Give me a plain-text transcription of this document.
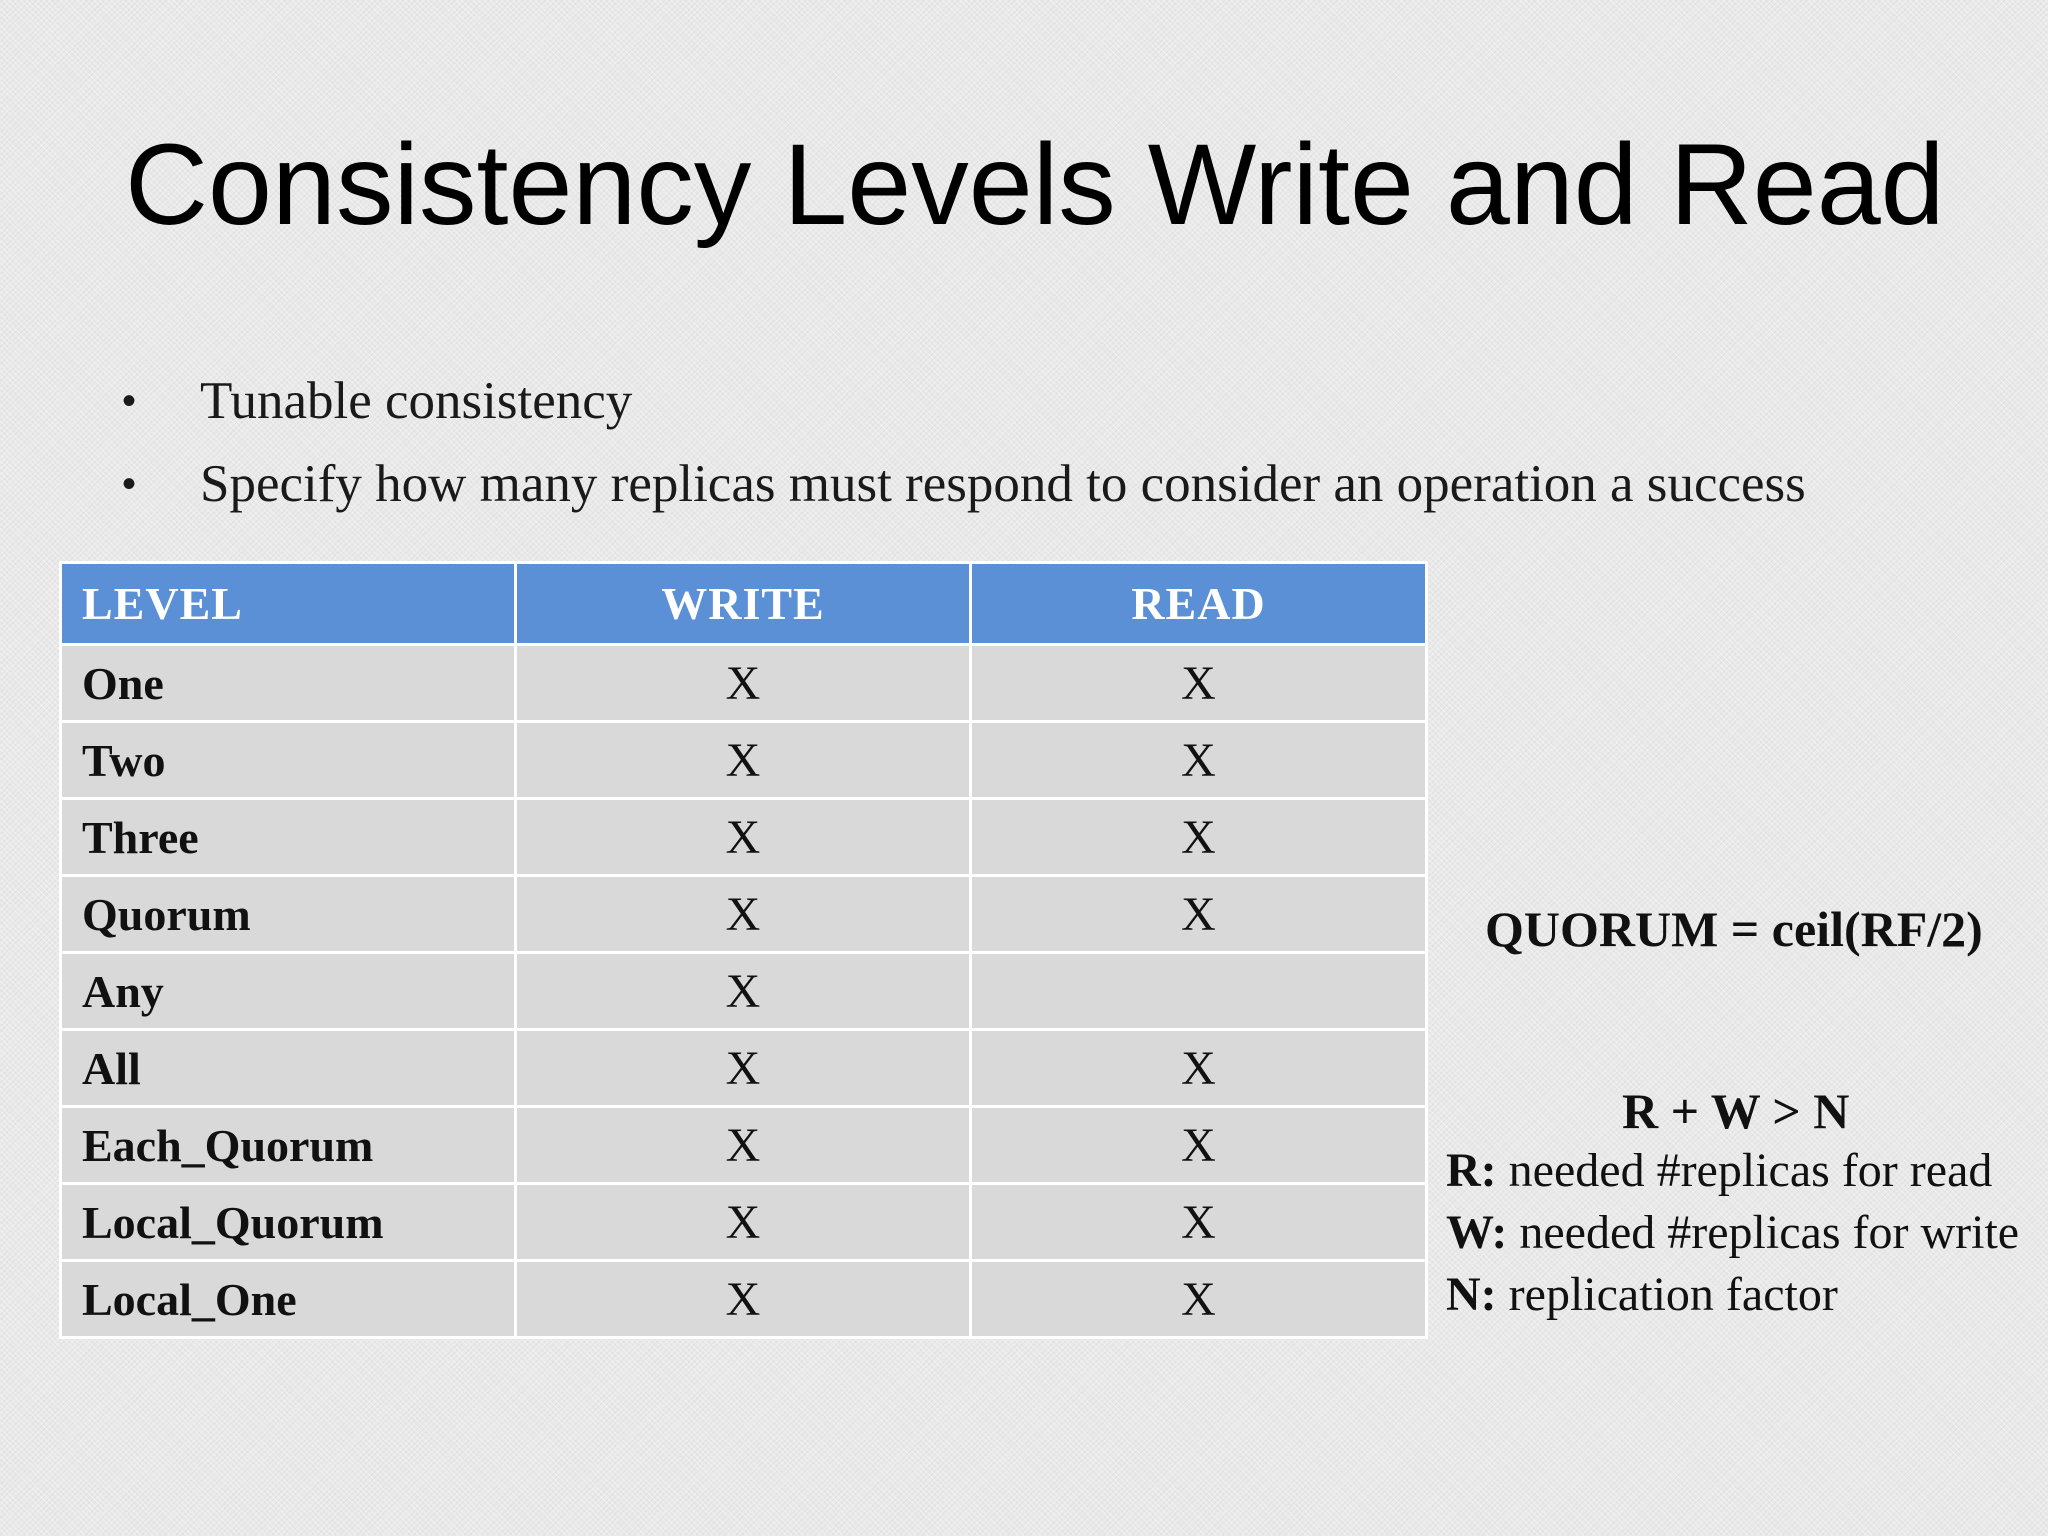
Consistency Levels Write and Read
• Tunable consistency
• Specify how many replicas must respond to consider an operation a success
LEVEL	WRITE	READ
One	X	X
Two	X	X
Three	X	X
Quorum	X	X
Any	X	
All	X	X
Each_Quorum	X	X
Local_Quorum	X	X
Local_One	X	X
QUORUM = ceil(RF/2)
R + W > N
R: needed #replicas for read
W: needed #replicas for write
N: replication factor
